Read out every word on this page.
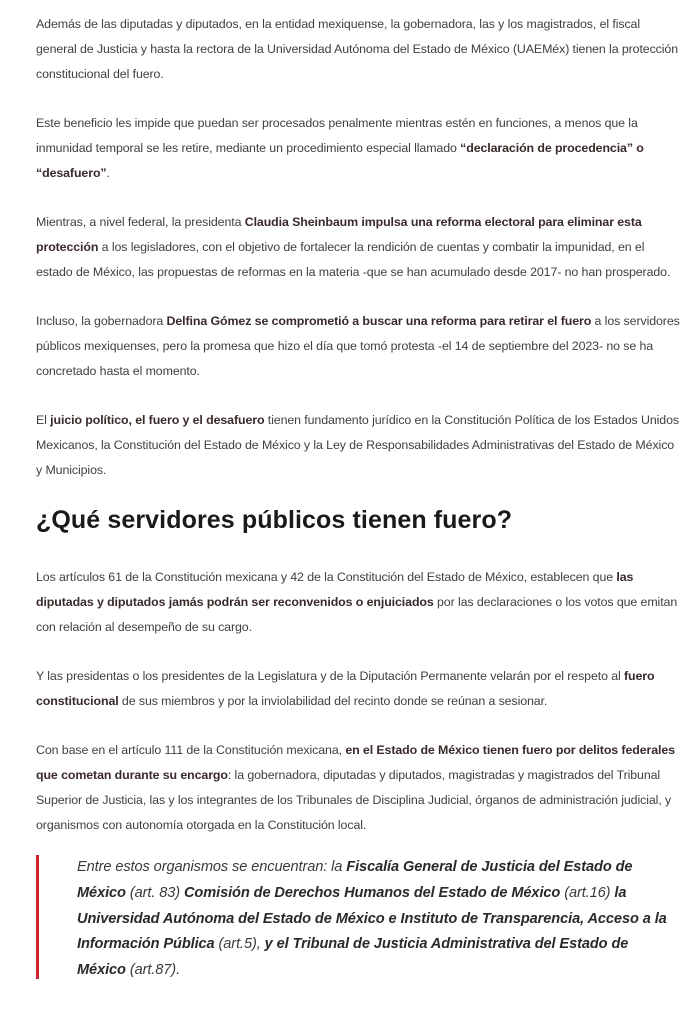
Además de las diputadas y diputados, en la entidad mexiquense, la gobernadora, las y los magistrados, el fiscal general de Justicia y hasta la rectora de la Universidad Autónoma del Estado de México (UAEMéx) tienen la protección constitucional del fuero.

Este beneficio les impide que puedan ser procesados penalmente mientras estén en funciones, a menos que la inmunidad temporal se les retire, mediante un procedimiento especial llamado “declaración de procedencia” o “desafuero”.

Mientras, a nivel federal, la presidenta Claudia Sheinbaum impulsa una reforma electoral para eliminar esta protección a los legisladores, con el objetivo de fortalecer la rendición de cuentas y combatir la impunidad, en el estado de México, las propuestas de reformas en la materia -que se han acumulado desde 2017- no han prosperado.

Incluso, la gobernadora Delfina Gómez se comprometió a buscar una reforma para retirar el fuero a los servidores públicos mexiquenses, pero la promesa que hizo el día que tomó protesta -el 14 de septiembre del 2023- no se ha concretado hasta el momento.

El juicio político, el fuero y el desafuero tienen fundamento jurídico en la Constitución Política de los Estados Unidos Mexicanos, la Constitución del Estado de México y la Ley de Responsabilidades Administrativas del Estado de México y Municipios.

¿Qué servidores públicos tienen fuero?

Los artículos 61 de la Constitución mexicana y 42 de la Constitución del Estado de México, establecen que las diputadas y diputados jamás podrán ser reconvenidos o enjuiciados por las declaraciones o los votos que emitan con relación al desempeño de su cargo.

Y las presidentas o los presidentes de la Legislatura y de la Diputación Permanente velarán por el respeto al fuero constitucional de sus miembros y por la inviolabilidad del recinto donde se reúnan a sesionar.

Con base en el artículo 111 de la Constitución mexicana, en el Estado de México tienen fuero por delitos federales que cometan durante su encargo: la gobernadora, diputadas y diputados, magistradas y magistrados del Tribunal Superior de Justicia, las y los integrantes de los Tribunales de Disciplina Judicial, órganos de administración judicial, y organismos con autonomía otorgada en la Constitución local.

Entre estos organismos se encuentran: la Fiscalía General de Justicia del Estado de México (art. 83) Comisión de Derechos Humanos del Estado de México (art.16) la Universidad Autónoma del Estado de México e Instituto de Transparencia, Acceso a la Información Pública (art.5), y el Tribunal de Justicia Administrativa del Estado de México (art.87).
